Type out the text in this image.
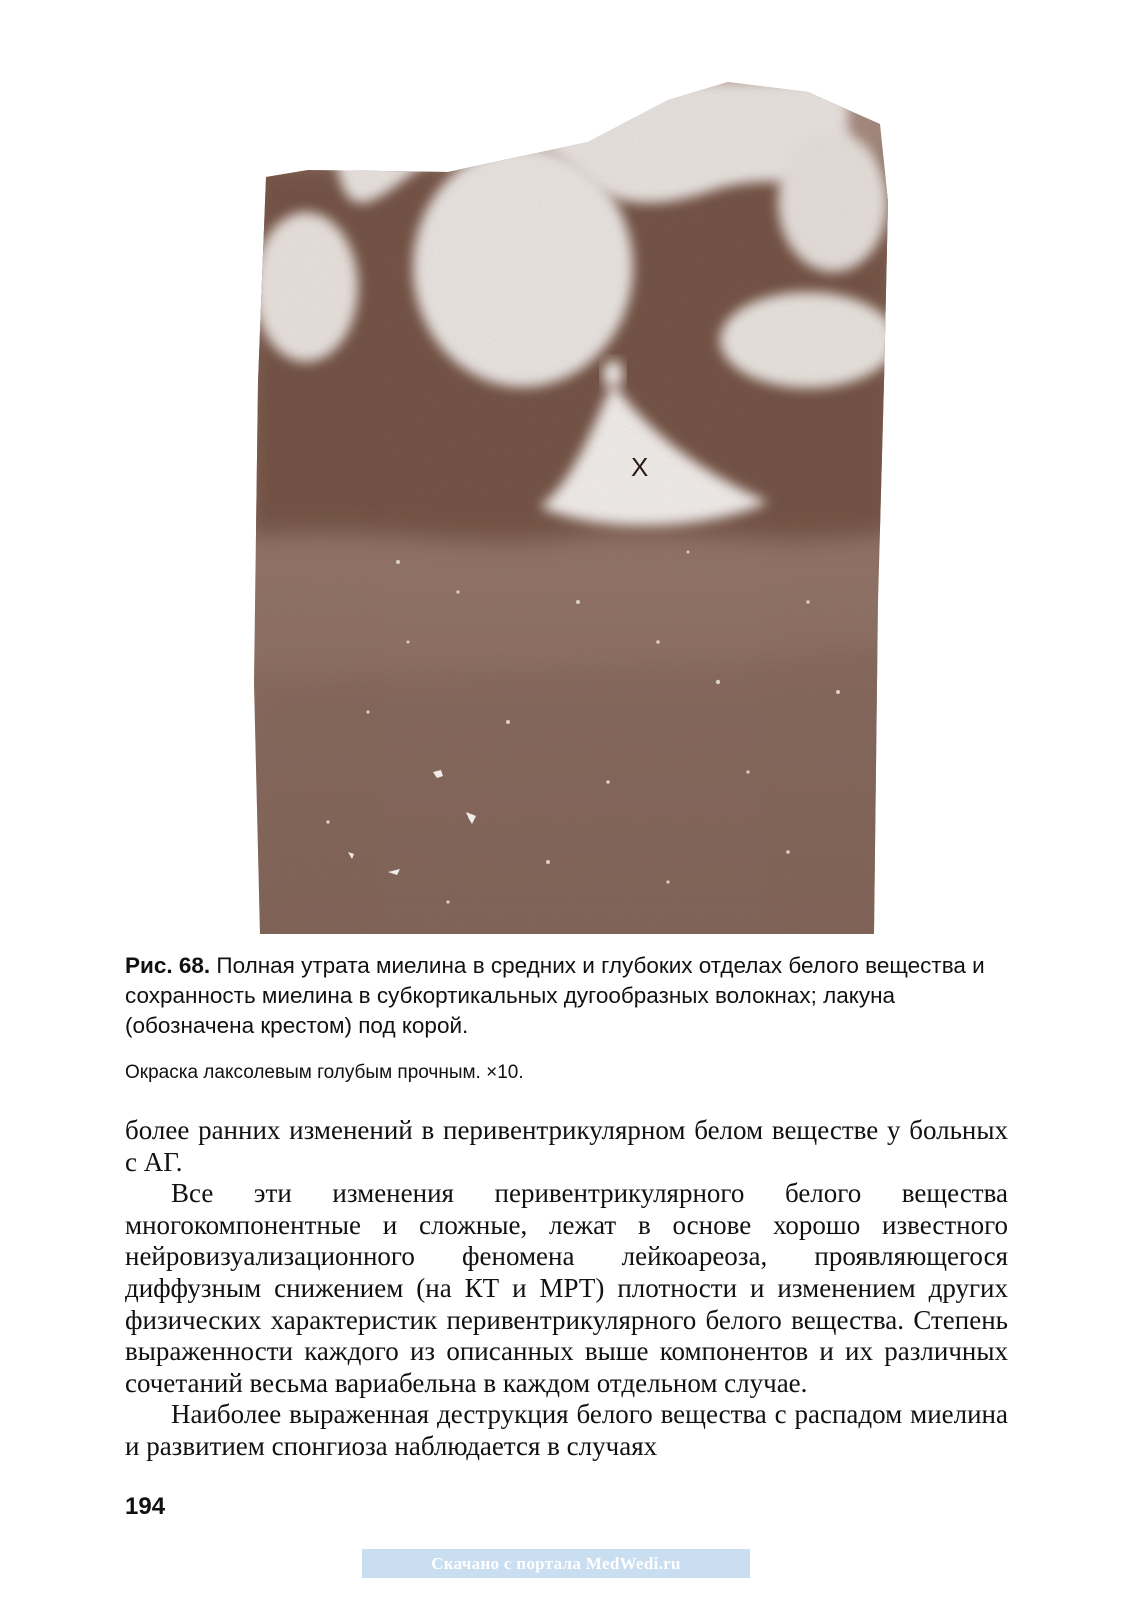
X
Рис. 68. Полная утрата миелина в средних и глубоких отделах белого вещества и сохранность миелина в субкортикальных дугообразных волокнах; лакуна (обозначена крестом) под корой.
Окраска лаксолевым голубым прочным. ×10.

более ранних изменений в перивентрикулярном белом веществе у больных с АГ.

Все эти изменения перивентрикулярного белого вещества многокомпонентные и сложные, лежат в основе хорошо известного нейровизуализационного феномена лейкоареоза, проявляющегося диффузным снижением (на КТ и МРТ) плотности и изменением других физических характеристик перивентрикулярного белого вещества. Степень выраженности каждого из описанных выше компонентов и их различных сочетаний весьма вариабельна в каждом отдельном случае.

Наиболее выраженная деструкция белого вещества с распадом миелина и развитием спонгиоза наблюдается в случаях

194
Скачано с портала MedWedi.ru
